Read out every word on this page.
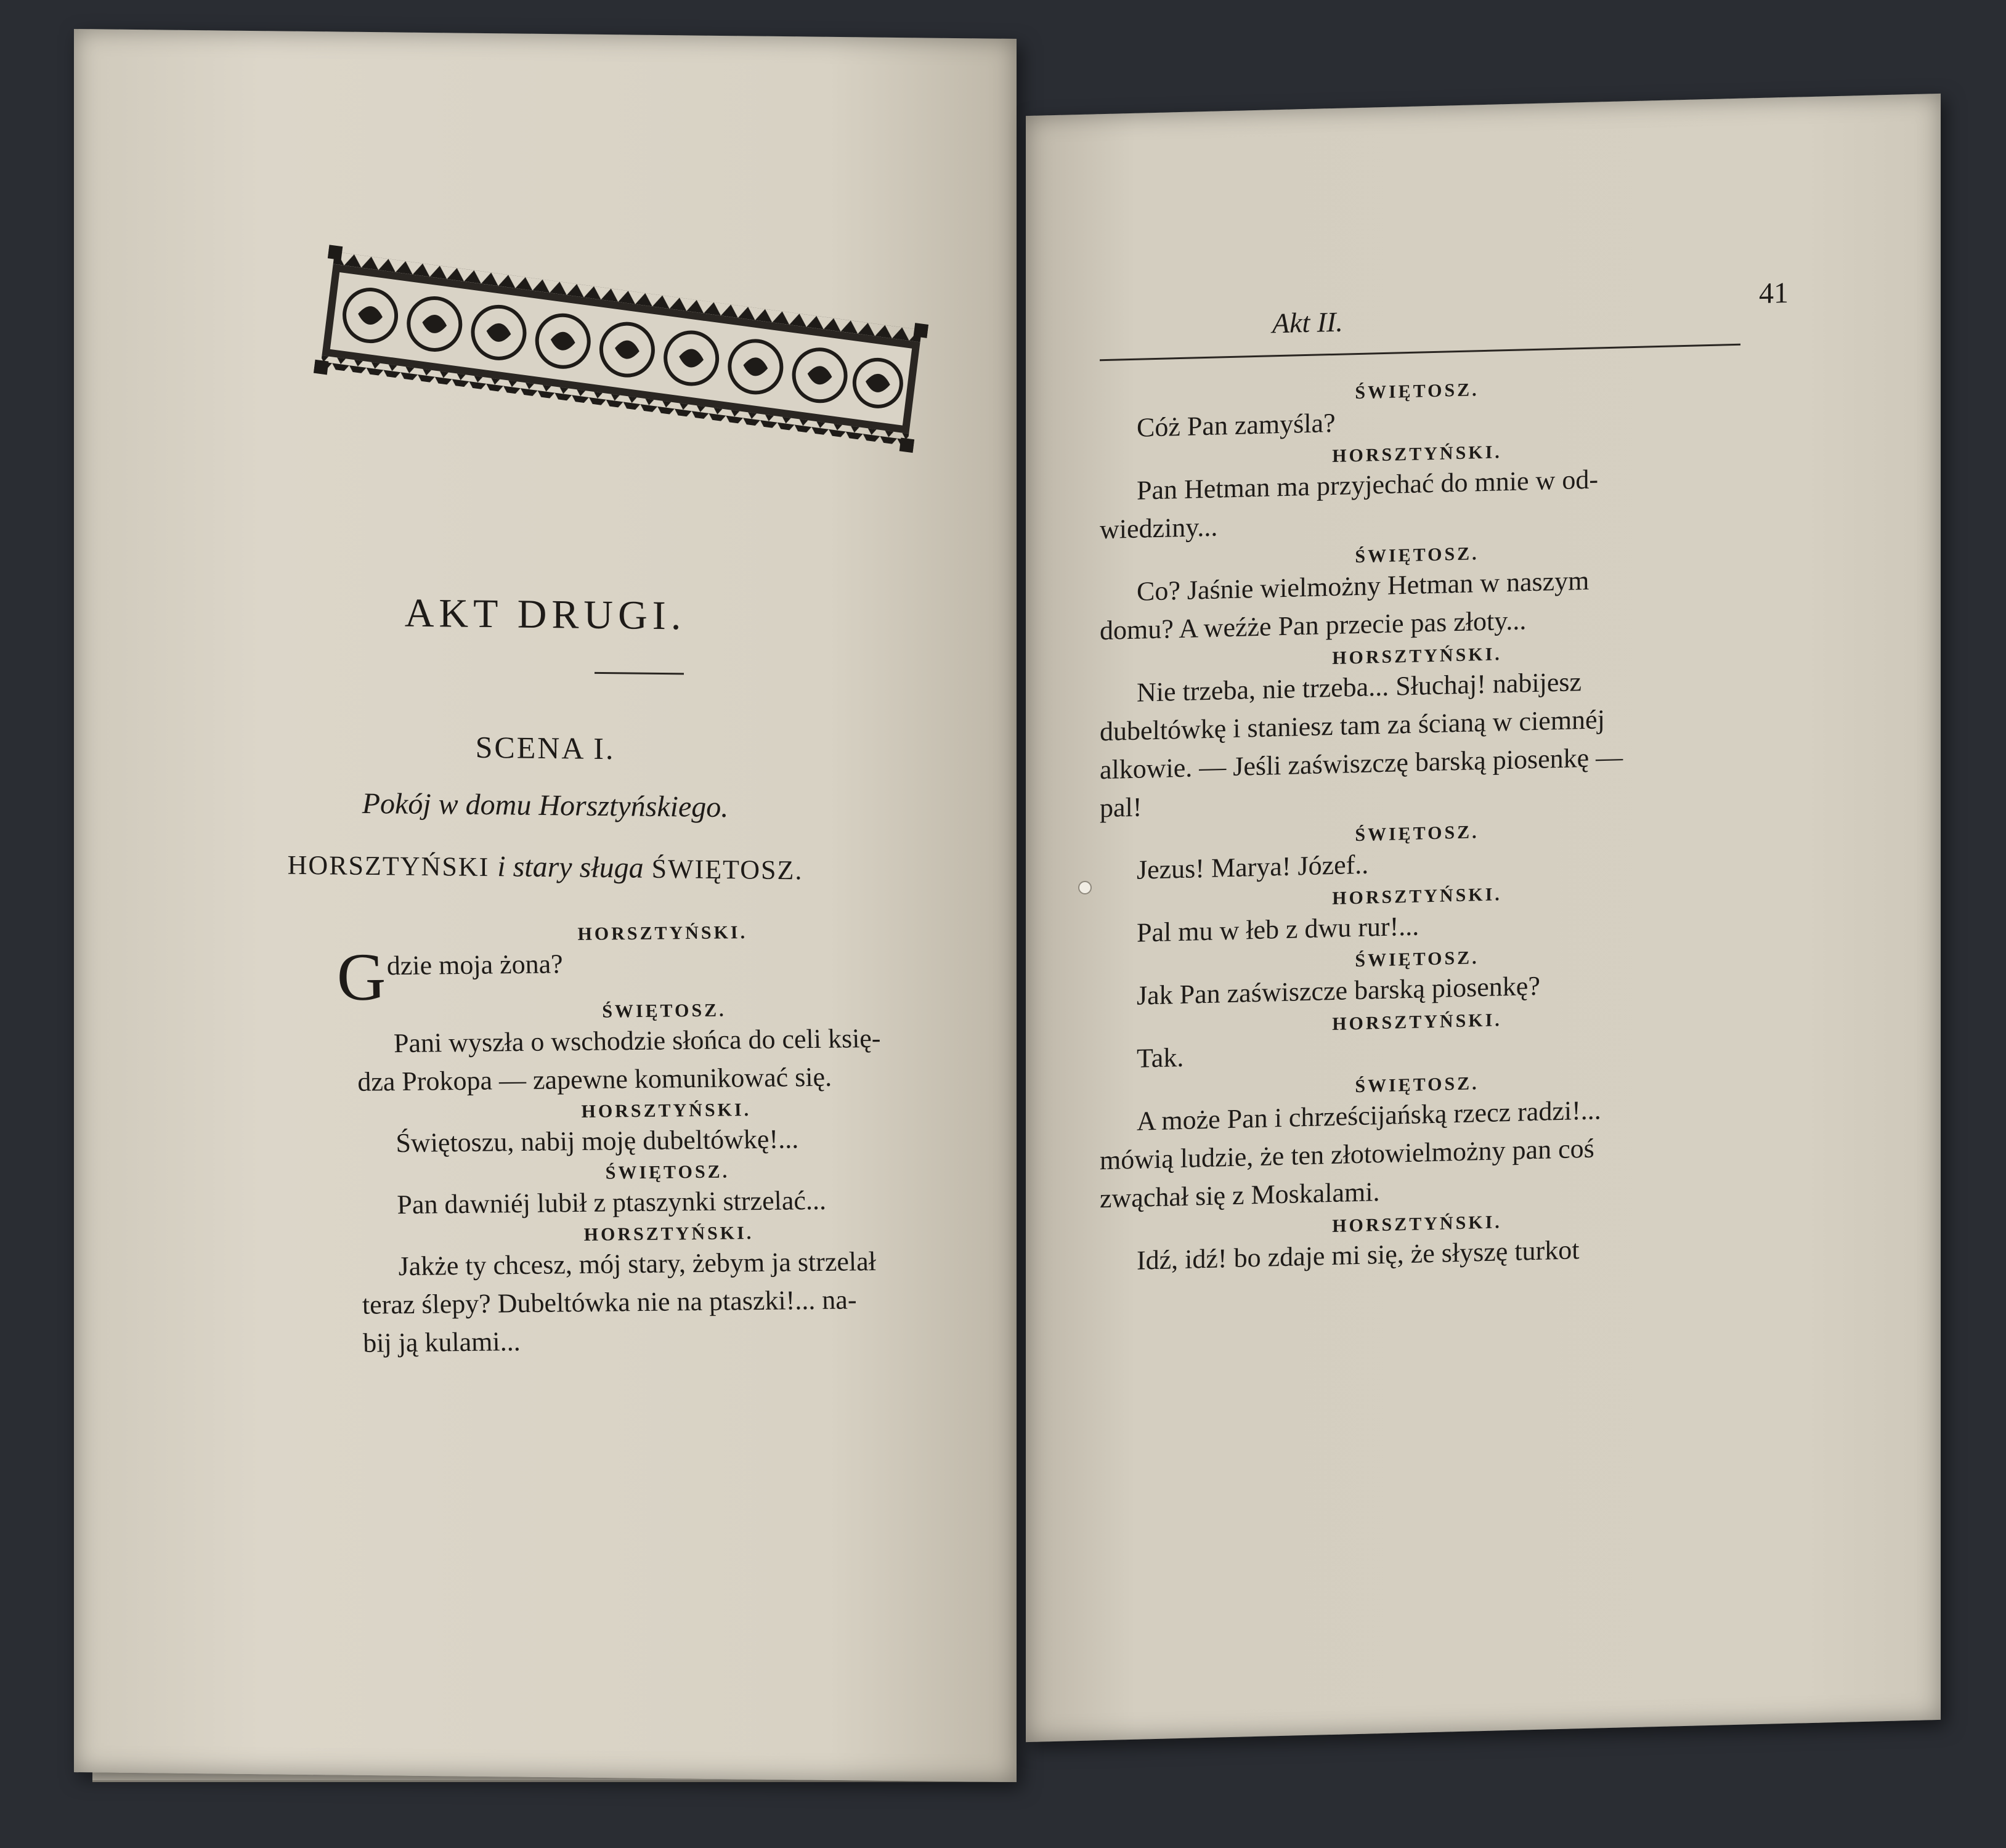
AKT DRUGI.
SCENA I.
Pokój w domu Horsztyńskiego.
HORSZTYŃSKI i stary sługa ŚWIĘTOSZ.

HORSZTYŃSKI.

Gdzie moja żona?

ŚWIĘTOSZ.

Pani wyszła o wschodzie słońca do celi księ-

dza Prokopa — zapewne komunikować się.

HORSZTYŃSKI.

Świętoszu, nabij moję dubeltówkę!...

ŚWIĘTOSZ.

Pan dawniéj lubił z ptaszynki strzelać...

HORSZTYŃSKI.

Jakże ty chcesz, mój stary, żebym ja strzelał

teraz ślepy? Dubeltówka nie na ptaszki!... na-

bij ją kulami...

Akt II.
41

ŚWIĘTOSZ.

Cóż Pan zamyśla?

HORSZTYŃSKI.

Pan Hetman ma przyjechać do mnie w od-

wiedziny...

ŚWIĘTOSZ.

Co? Jaśnie wielmożny Hetman w naszym

domu? A weźże Pan przecie pas złoty...

HORSZTYŃSKI.

Nie trzeba, nie trzeba... Słuchaj! nabijesz

dubeltówkę i staniesz tam za ścianą w ciemnéj

alkowie. — Jeśli zaświszczę barską piosenkę —

pal!

ŚWIĘTOSZ.

Jezus! Marya! Józef..

HORSZTYŃSKI.

Pal mu w łeb z dwu rur!...

ŚWIĘTOSZ.

Jak Pan zaświszcze barską piosenkę?

HORSZTYŃSKI.

Tak.

ŚWIĘTOSZ.

A może Pan i chrześcijańską rzecz radzi!...

mówią ludzie, że ten złotowielmożny pan coś

zwąchał się z Moskalami.

HORSZTYŃSKI.

Idź, idź! bo zdaje mi się, że słyszę turkot
